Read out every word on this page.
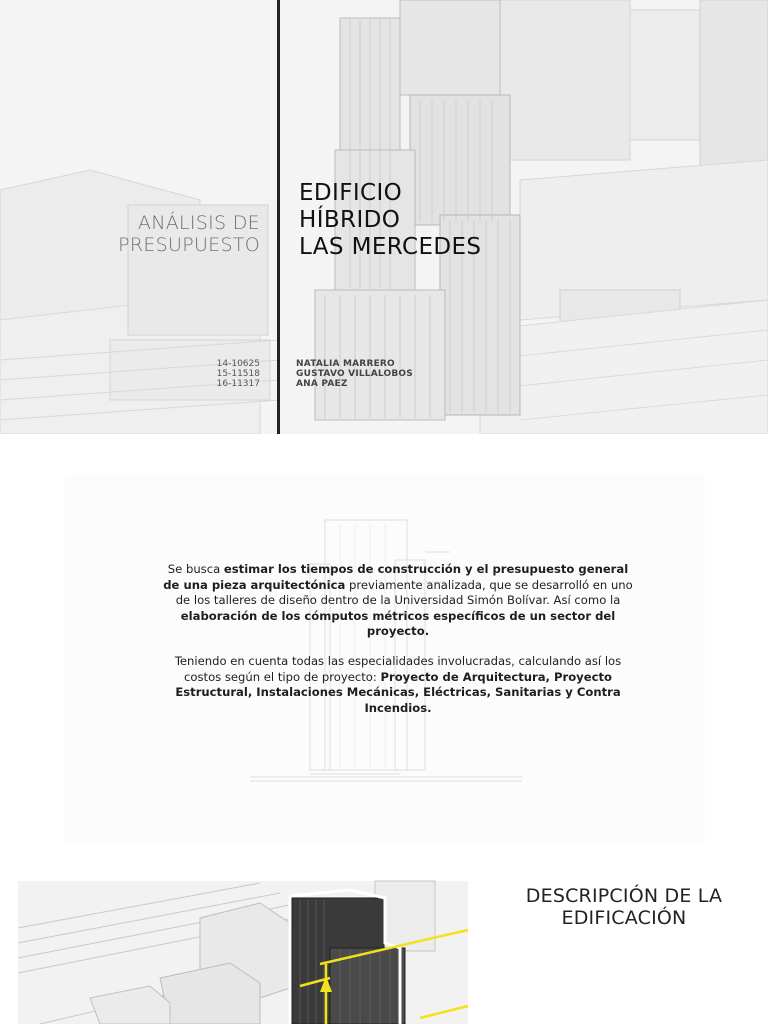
ANÁLISIS DE
PRESUPUESTO
EDIFICIO
HÍBRIDO
LAS MERCEDES
14-10625
15-11518
16-11317
NATALIA MARRERO
GUSTAVO VILLALOBOS
ANA PAEZ

Se busca estimar los tiempos de construcción y el presupuesto general de una pieza arquitectónica previamente analizada, que se desarrolló en uno de los talleres de diseño dentro de la Universidad Simón Bolívar. Así como la elaboración de los cómputos métricos específicos de un sector del proyecto.

Teniendo en cuenta todas las especialidades involucradas, calculando así los costos según el tipo de proyecto: Proyecto de Arquitectura, Proyecto Estructural, Instalaciones Mecánicas, Eléctricas, Sanitarias y Contra Incendios.

DESCRIPCIÓN DE LA
EDIFICACIÓN
